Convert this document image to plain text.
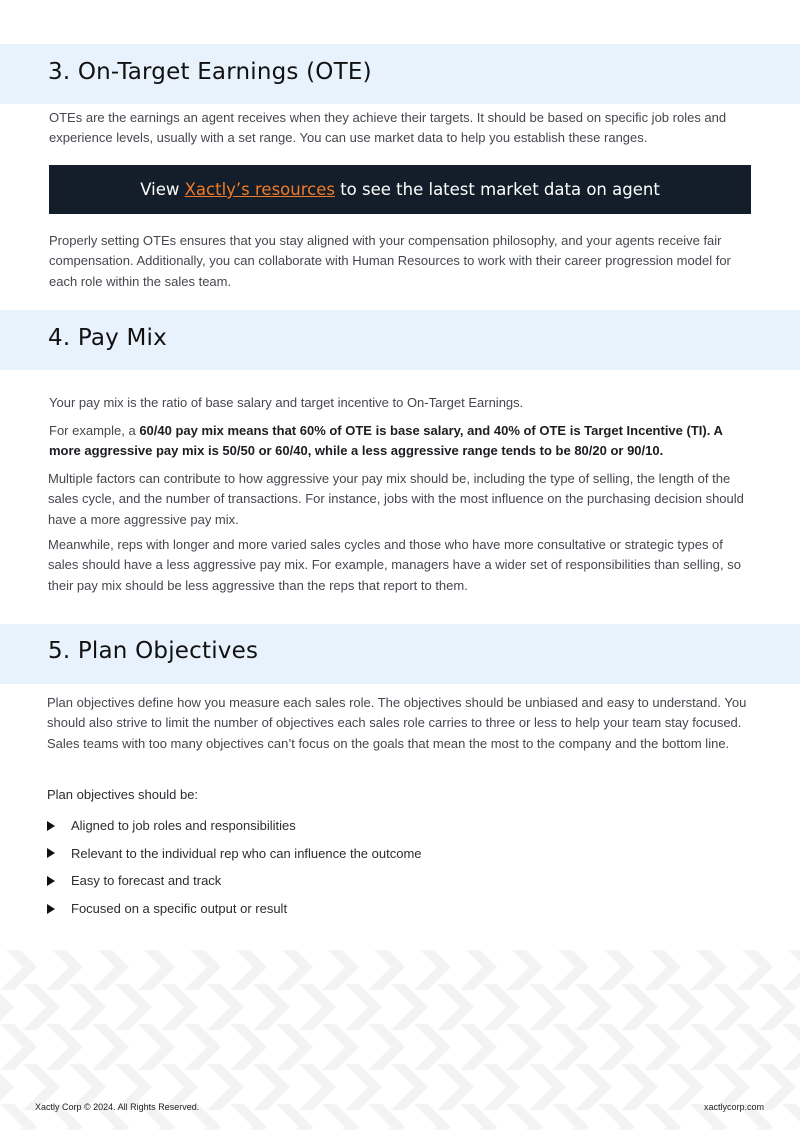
3. On-Target Earnings (OTE)

OTEs are the earnings an agent receives when they achieve their targets. It should be based on specific job roles and experience levels, usually with a set range. You can use market data to help you establish these ranges.

View Xactly’s resources to see the latest market data on agent

Properly setting OTEs ensures that you stay aligned with your compensation philosophy, and your agents receive fair compensation. Additionally, you can collaborate with Human Resources to work with their career progression model for each role within the sales team.

4. Pay Mix

Your pay mix is the ratio of base salary and target incentive to On-Target Earnings.

For example, a 60/40 pay mix means that 60% of OTE is base salary, and 40% of OTE is Target Incentive (TI). A more aggressive pay mix is 50/50 or 60/40, while a less aggressive range tends to be 80/20 or 90/10.

Multiple factors can contribute to how aggressive your pay mix should be, including the type of selling, the length of the sales cycle, and the number of transactions. For instance, jobs with the most influence on the purchasing decision should have a more aggressive pay mix.

Meanwhile, reps with longer and more varied sales cycles and those who have more consultative or strategic types of sales should have a less aggressive pay mix. For example, managers have a wider set of responsibilities than selling, so their pay mix should be less aggressive than the reps that report to them.

5. Plan Objectives

Plan objectives define how you measure each sales role. The objectives should be unbiased and easy to understand. You should also strive to limit the number of objectives each sales role carries to three or less to help your team stay focused. Sales teams with too many objectives can’t focus on the goals that mean the most to the company and the bottom line.

Plan objectives should be:

Aligned to job roles and responsibilities
Relevant to the individual rep who can influence the outcome
Easy to forecast and track
Focused on a specific output or result
Xactly Corp © 2024. All Rights Reserved.	xactlycorp.com
